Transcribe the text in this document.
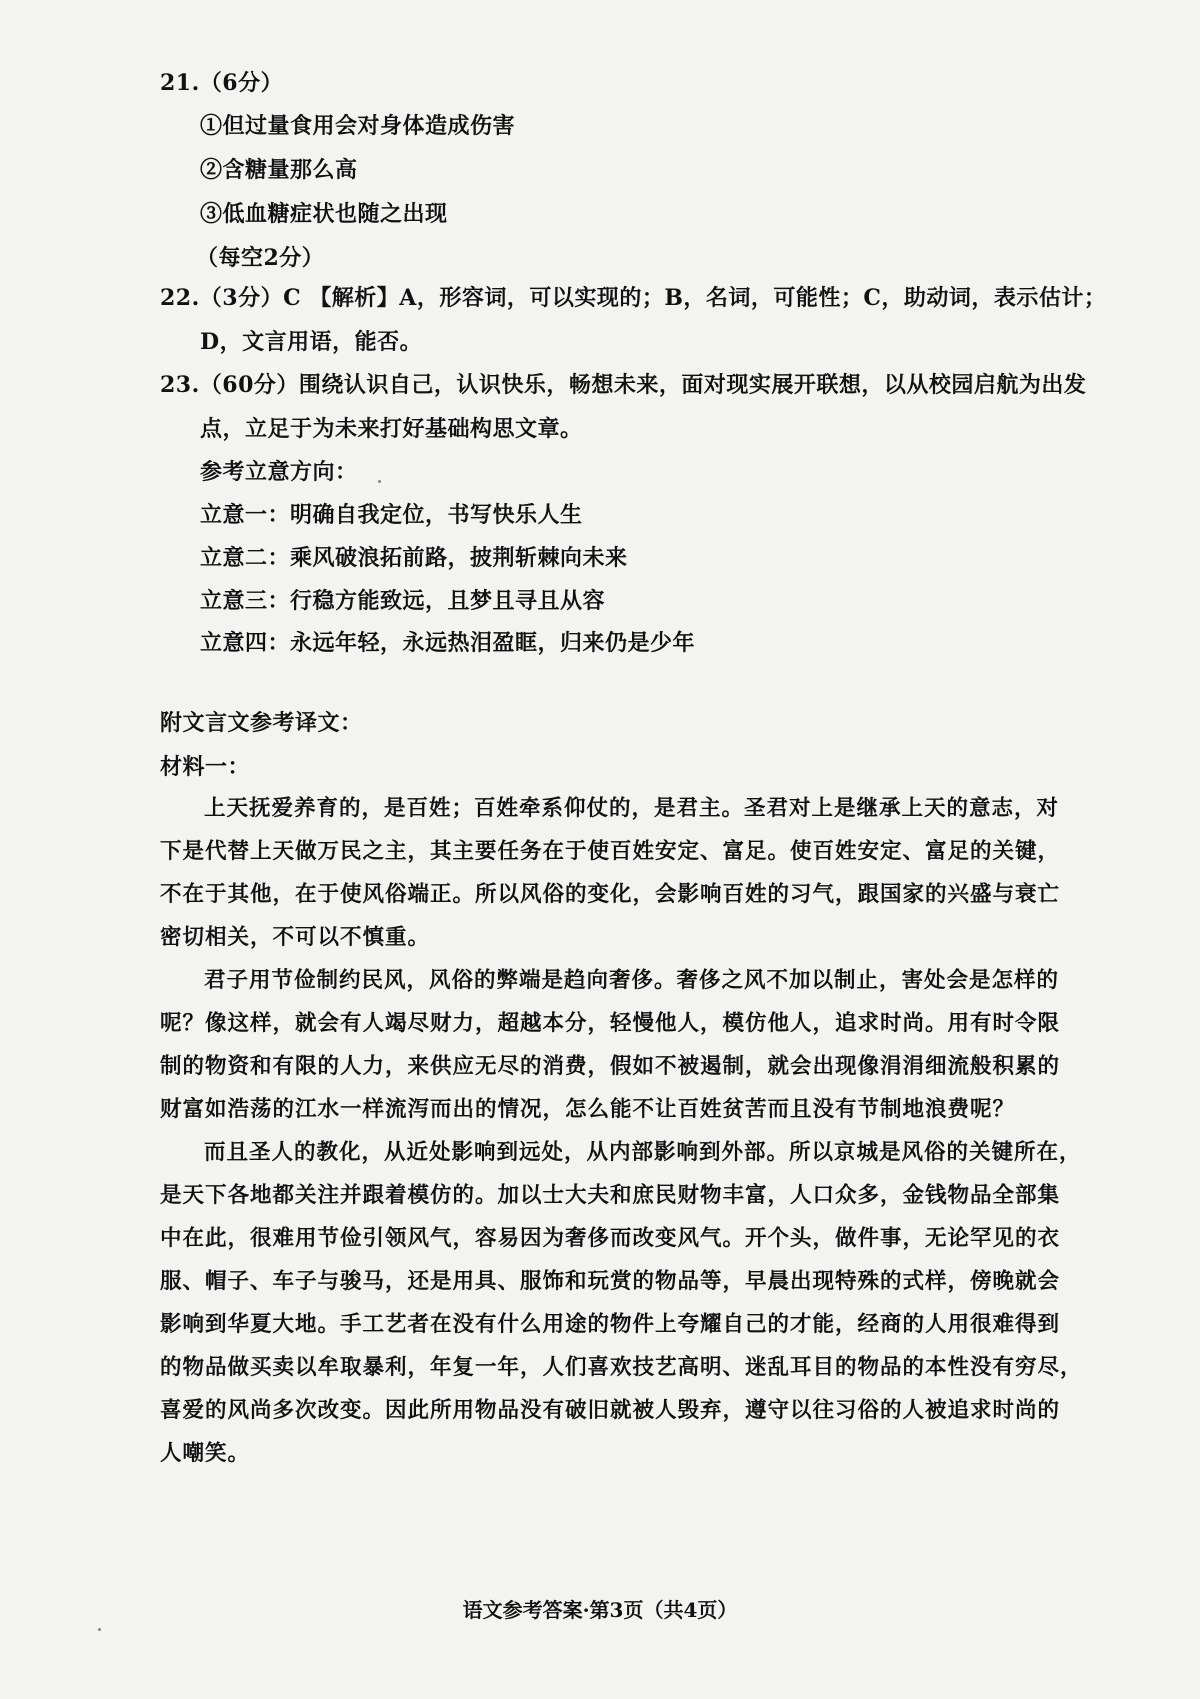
21.（6分）
①但过量食用会对身体造成伤害
②含糖量那么高
③低血糖症状也随之出现
（每空2分）
22.（3分）C 【解析】A，形容词，可以实现的；B，名词，可能性；C，助动词，表示估计；
D，文言用语，能否。
23.（60分）围绕认识自己，认识快乐，畅想未来，面对现实展开联想，以从校园启航为出发
点，立足于为未来打好基础构思文章。
参考立意方向：
立意一：明确自我定位，书写快乐人生
立意二：乘风破浪拓前路，披荆斩棘向未来
立意三：行稳方能致远，且梦且寻且从容
立意四：永远年轻，永远热泪盈眶，归来仍是少年
附文言文参考译文：
材料一：
上天抚爱养育的，是百姓；百姓牵系仰仗的，是君主。圣君对上是继承上天的意志，对
下是代替上天做万民之主，其主要任务在于使百姓安定、富足。使百姓安定、富足的关键，
不在于其他，在于使风俗端正。所以风俗的变化，会影响百姓的习气，跟国家的兴盛与衰亡
密切相关，不可以不慎重。
君子用节俭制约民风，风俗的弊端是趋向奢侈。奢侈之风不加以制止，害处会是怎样的
呢？像这样，就会有人竭尽财力，超越本分，轻慢他人，模仿他人，追求时尚。用有时令限
制的物资和有限的人力，来供应无尽的消费，假如不被遏制，就会出现像涓涓细流般积累的
财富如浩荡的江水一样流泻而出的情况，怎么能不让百姓贫苦而且没有节制地浪费呢？
而且圣人的教化，从近处影响到远处，从内部影响到外部。所以京城是风俗的关键所在，
是天下各地都关注并跟着模仿的。加以士大夫和庶民财物丰富，人口众多，金钱物品全部集
中在此，很难用节俭引领风气，容易因为奢侈而改变风气。开个头，做件事，无论罕见的衣
服、帽子、车子与骏马，还是用具、服饰和玩赏的物品等，早晨出现特殊的式样，傍晚就会
影响到华夏大地。手工艺者在没有什么用途的物件上夸耀自己的才能，经商的人用很难得到
的物品做买卖以牟取暴利，年复一年，人们喜欢技艺高明、迷乱耳目的物品的本性没有穷尽，
喜爱的风尚多次改变。因此所用物品没有破旧就被人毁弃，遵守以往习俗的人被追求时尚的
人嘲笑。
语文参考答案·第3页（共4页）
